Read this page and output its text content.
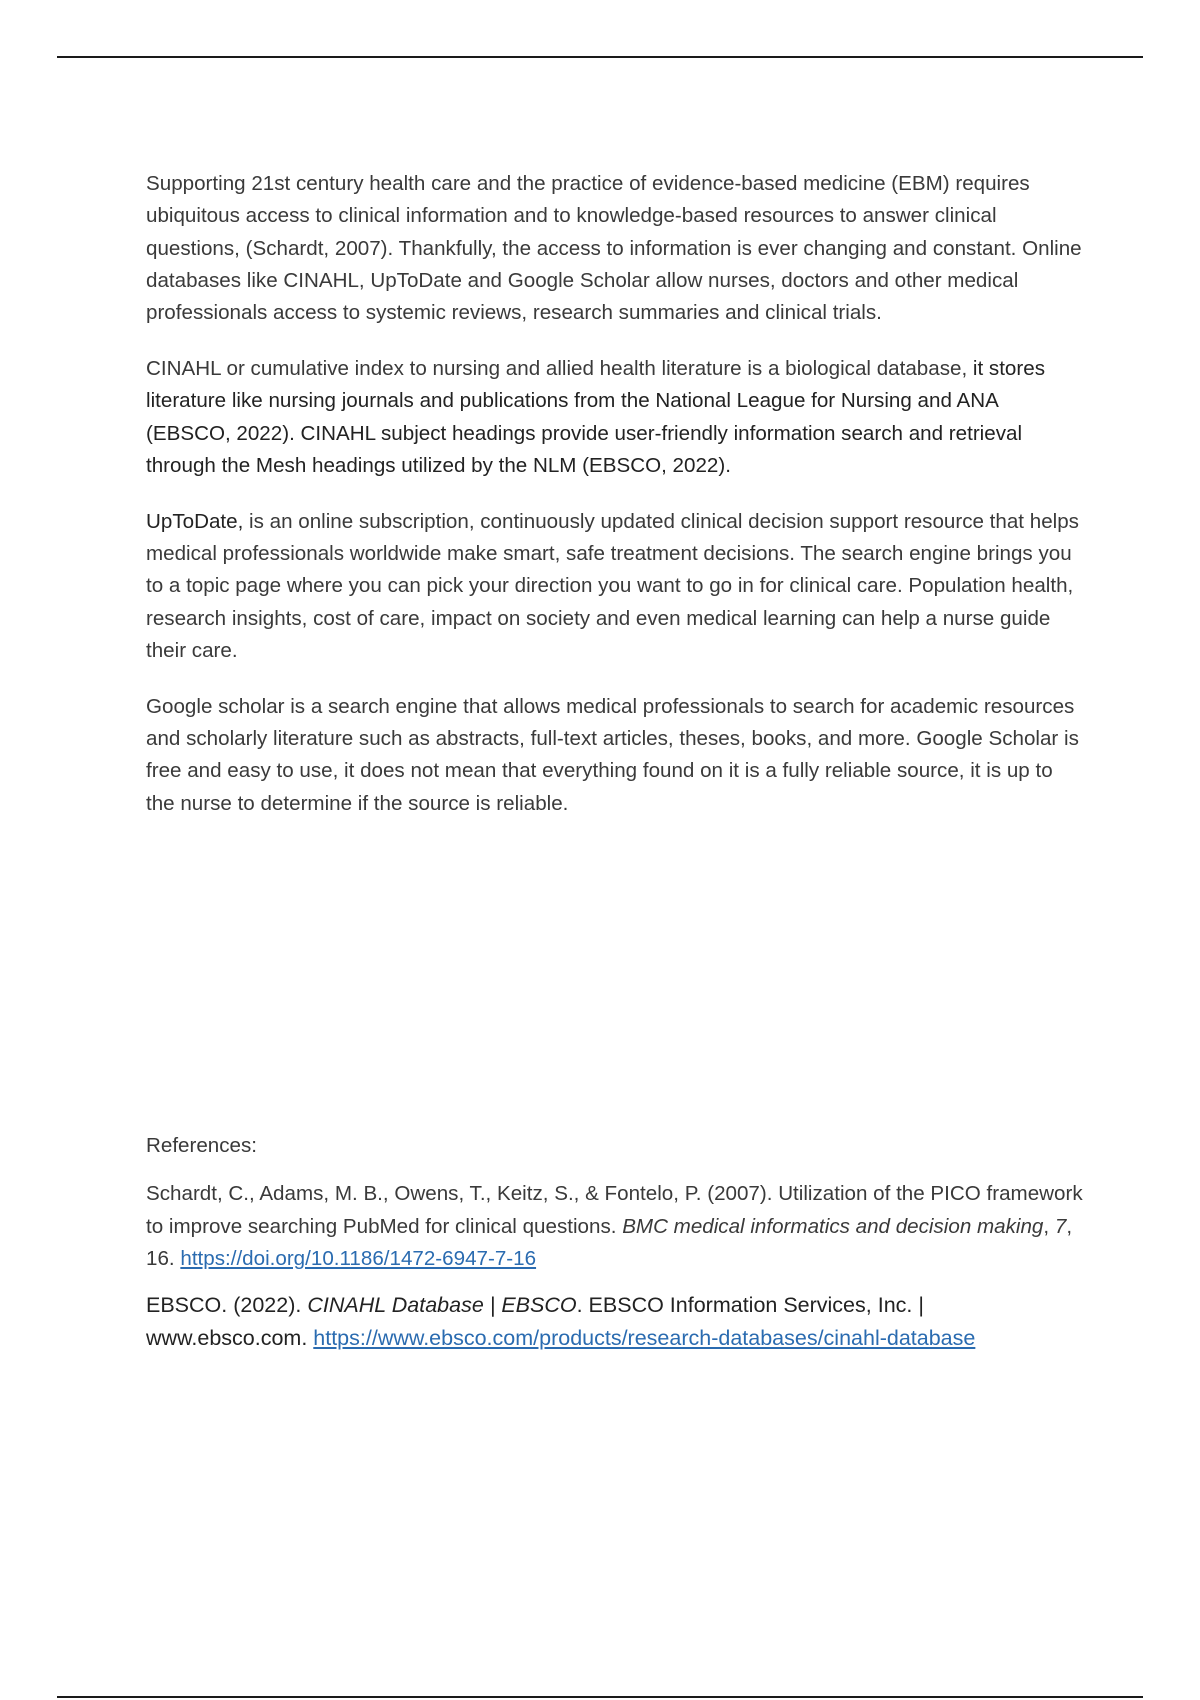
Supporting 21st century health care and the practice of evidence-based medicine (EBM) requires ubiquitous access to clinical information and to knowledge-based resources to answer clinical questions, (Schardt, 2007). Thankfully, the access to information is ever changing and constant. Online databases like CINAHL, UpToDate and Google Scholar allow nurses, doctors and other medical professionals access to systemic reviews, research summaries and clinical trials.

CINAHL or cumulative index to nursing and allied health literature is a biological database, it stores literature like nursing journals and publications from the National League for Nursing and ANA (EBSCO, 2022). CINAHL subject headings provide user-friendly information search and retrieval through the Mesh headings utilized by the NLM (EBSCO, 2022).

UpToDate, is an online subscription, continuously updated clinical decision support resource that helps medical professionals worldwide make smart, safe treatment decisions. The search engine brings you to a topic page where you can pick your direction you want to go in for clinical care. Population health, research insights, cost of care, impact on society and even medical learning can help a nurse guide their care.

Google scholar is a search engine that allows medical professionals to search for academic resources and scholarly literature such as abstracts, full-text articles, theses, books, and more. Google Scholar is free and easy to use, it does not mean that everything found on it is a fully reliable source, it is up to the nurse to determine if the source is reliable.

References:

Schardt, C., Adams, M. B., Owens, T., Keitz, S., & Fontelo, P. (2007). Utilization of the PICO framework to improve searching PubMed for clinical questions. BMC medical informatics and decision making, 7, 16. https://doi.org/10.1186/1472-6947-7-16

EBSCO. (2022). CINAHL Database | EBSCO. EBSCO Information Services, Inc. | www.ebsco.com. https://www.ebsco.com/products/research-databases/cinahl-database
